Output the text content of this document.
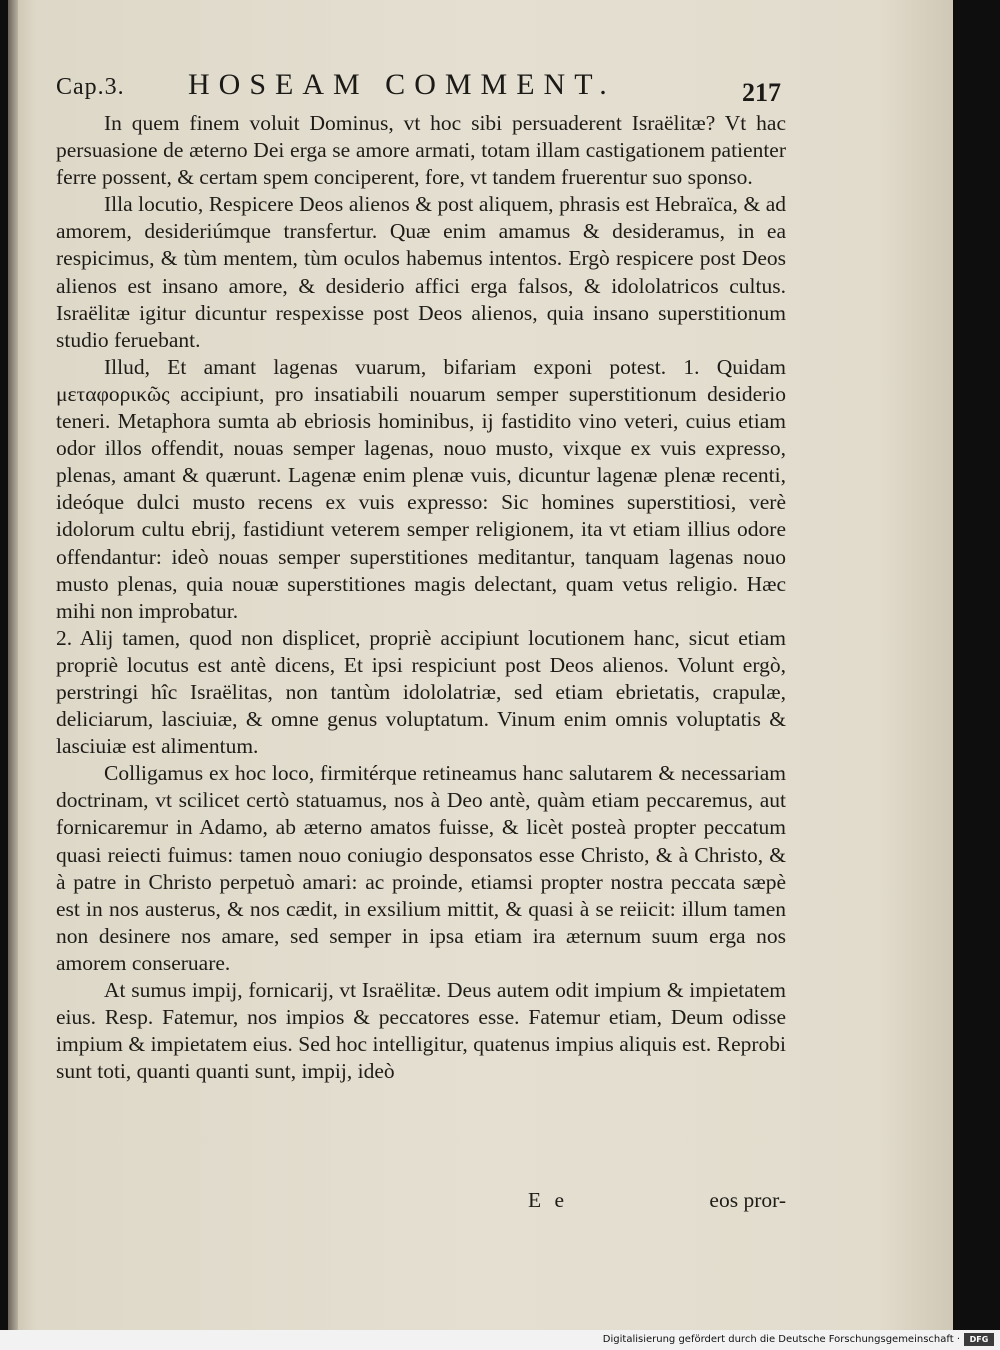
Cap.3. HOSEAM COMMENT.	217

In quem finem voluit Dominus, vt hoc sibi persuaderent Israëlitæ? Vt hac persuasione de æterno Dei erga se amore armati, totam illam castigationem patienter ferre possent, & certam spem conciperent, fore, vt tandem fruerentur suo sponso.

Illa locutio, Respicere Deos alienos & post aliquem, phrasis est Hebraïca, & ad amorem, desideriúmque transfertur. Quæ enim amamus & desideramus, in ea respicimus, & tùm mentem, tùm oculos habemus intentos. Ergò respicere post Deos alienos est insano amore, & desiderio affici erga falsos, & idololatricos cultus. Israëlitæ igitur dicuntur respexisse post Deos alienos, quia insano superstitionum studio feruebant.

Illud, Et amant lagenas vuarum, bifariam exponi potest. 1. Quidam μεταφορικῶς accipiunt, pro insatiabili nouarum semper superstitionum desiderio teneri. Metaphora sumta ab ebriosis hominibus, ij fastidito vino veteri, cuius etiam odor illos offendit, nouas semper lagenas, nouo musto, vixque ex vuis expresso, plenas, amant & quærunt. Lagenæ enim plenæ vuis, dicuntur lagenæ plenæ recenti, ideóque dulci musto recens ex vuis expresso: Sic homines superstitiosi, verè idolorum cultu ebrij, fastidiunt veterem semper religionem, ita vt etiam illius odore offendantur: ideò nouas semper superstitiones meditantur, tanquam lagenas nouo musto plenas, quia nouæ superstitiones magis delectant, quam vetus religio. Hæc mihi non improbatur.

2. Alij tamen, quod non displicet, propriè accipiunt locutionem hanc, sicut etiam propriè locutus est antè dicens, Et ipsi respiciunt post Deos alienos. Volunt ergò, perstringi hîc Israëlitas, non tantùm idololatriæ, sed etiam ebrietatis, crapulæ, deliciarum, lasciuiæ, & omne genus voluptatum. Vinum enim omnis voluptatis & lasciuiæ est alimentum.

Colligamus ex hoc loco, firmitérque retineamus hanc salutarem & necessariam doctrinam, vt scilicet certò statuamus, nos à Deo antè, quàm etiam peccaremus, aut fornicaremur in Adamo, ab æterno amatos fuisse, & licèt posteà propter peccatum quasi reiecti fuimus: tamen nouo coniugio desponsatos esse Christo, & à Christo, & à patre in Christo perpetuò amari: ac proinde, etiamsi propter nostra peccata sæpè est in nos austerus, & nos cædit, in exsilium mittit, & quasi à se reiicit: illum tamen non desinere nos amare, sed semper in ipsa etiam ira æternum suum erga nos amorem conseruare.

At sumus impij, fornicarij, vt Israëlitæ. Deus autem odit impium & impietatem eius. Resp. Fatemur, nos impios & peccatores esse. Fatemur etiam, Deum odisse impium & impietatem eius. Sed hoc intelligitur, quatenus impius aliquis est. Reprobi sunt toti, quanti quanti sunt, impij, ideò

E e	eos pror-
Digitalisierung gefördert durch die Deutsche Forschungsgemeinschaft ·	DFG
